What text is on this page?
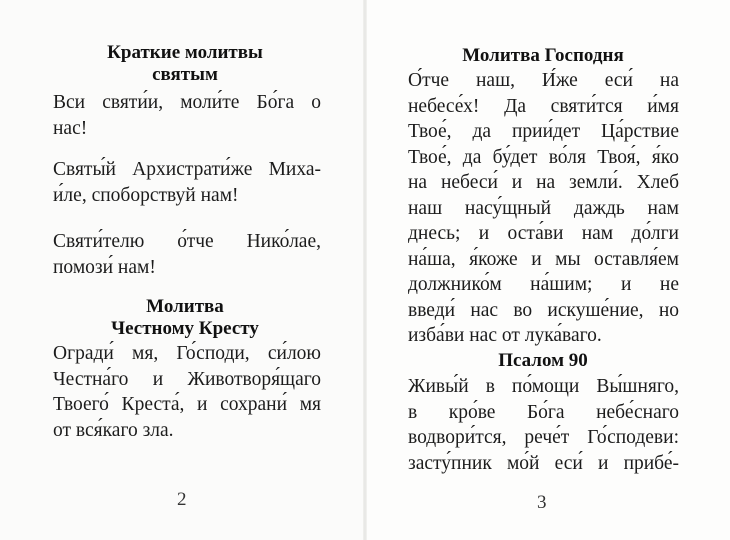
Краткие молитвы
святым
Вси святи́и, моли́те Бо́га о
нас!
Святы́й Архистрати́же Миха-
и́ле, споборствуй нам!
Святи́телю о́тче Нико́лае,
помози́ нам!
Молитва
Честному Кресту
Огради́ мя, Го́споди, си́лою
Честна́го и Животворя́щаго
Твоего́ Креста́, и сохрани́ мя
от вся́каго зла.
2
Молитва Господня
О́тче наш, И́же еси́ на
небесе́х! Да святи́тся и́мя
Твое́, да прии́дет Ца́рствие
Твое́, да бу́дет во́ля Твоя́, я́ко
на небеси́ и на земли́. Хлеб
наш насу́щный даждь нам
днесь; и оста́ви нам до́лги
на́ша, я́коже и мы оставля́ем
должнико́м на́шим; и не
введи́ нас во искуше́ние, но
изба́ви нас от лука́ваго.
Псалом 90
Живы́й в по́мощи Вы́шняго,
в кро́ве Бо́га небе́снаго
водвори́тся, рече́т Го́сподеви:
засту́пник мо́й еси́ и прибе́-
3
